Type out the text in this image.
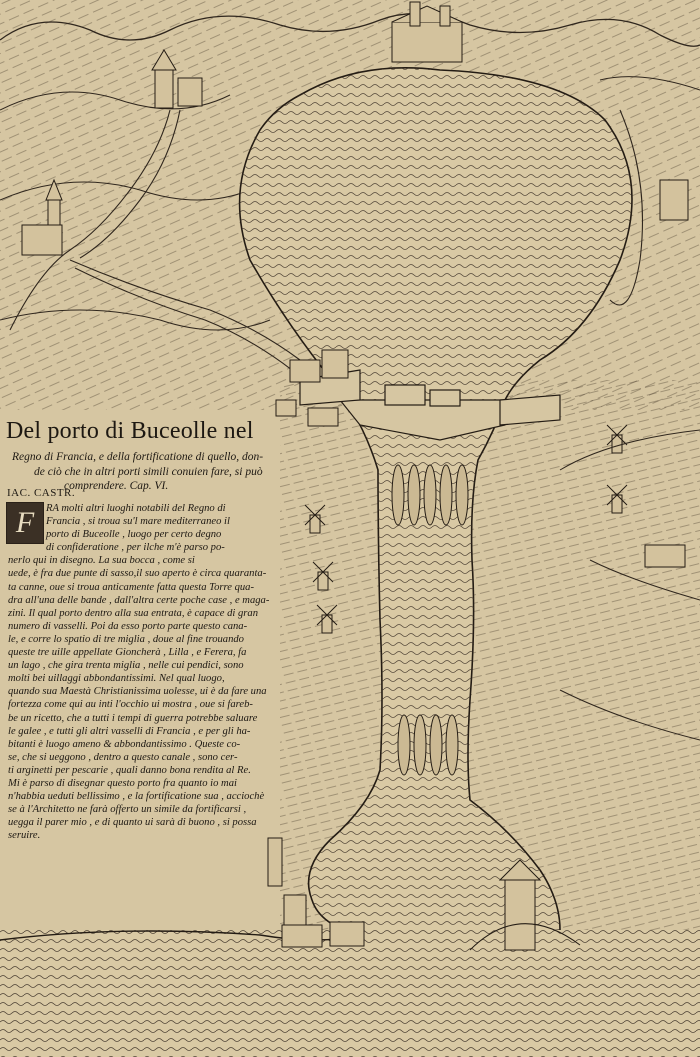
Del porto di Buceolle nel
Regno di Francia, e della fortificatione di quello, don-
de ciò che in altri porti simili conuien fare, si può
comprendere. Cap. VI.
IAC. CASTR.
F	RA molti altri luoghi notabili del Regno di
Francia , si troua su'l mare mediterraneo il
porto di Buceolle , luogo per certo degno
di confideratione , per ilche m'è parso po-
nerlo qui in disegno. La sua bocca , come si
uede, è fra due punte di sasso,il suo aperto è circa quaranta-
ta canne, oue si troua anticamente fatta questa Torre qua-
dra all'una delle bande , dall'altra certe poche case , e maga-
zini. Il qual porto dentro alla sua entrata, è capace di gran
numero di vasselli. Poi da esso porto parte questo cana-
le, e corre lo spatio di tre miglia , doue al fine trouando
queste tre uille appellate Gioncherà , Lilla , e Ferera, fa
un lago , che gira trenta miglia , nelle cui pendici, sono
molti bei uillaggi abbondantissimi. Nel qual luogo,
quando sua Maestà Christianissima uolesse, ui è da fare una
fortezza come qui au inti l'occhio ui mostra , oue si fareb-
be un ricetto, che a tutti i tempi di guerra potrebbe saluare
le galee , e tutti gli altri vasselli di Francia , e per gli ha-
bitanti è luogo ameno & abbondantissimo . Queste co-
se, che si ueggono , dentro a questo canale , sono cer-
ti arginetti per pescarie , quali danno bona rendita al Re.
Mi è parso di disegnar questo porto fra quanto io mai
n'habbia ueduti bellissimo , e la fortificatione sua , acciochè
se à l'Architetto ne farà offerto un simile da fortificarsi ,
uegga il parer mio , e di quanto ui sarà di buono , si possa
seruire.
